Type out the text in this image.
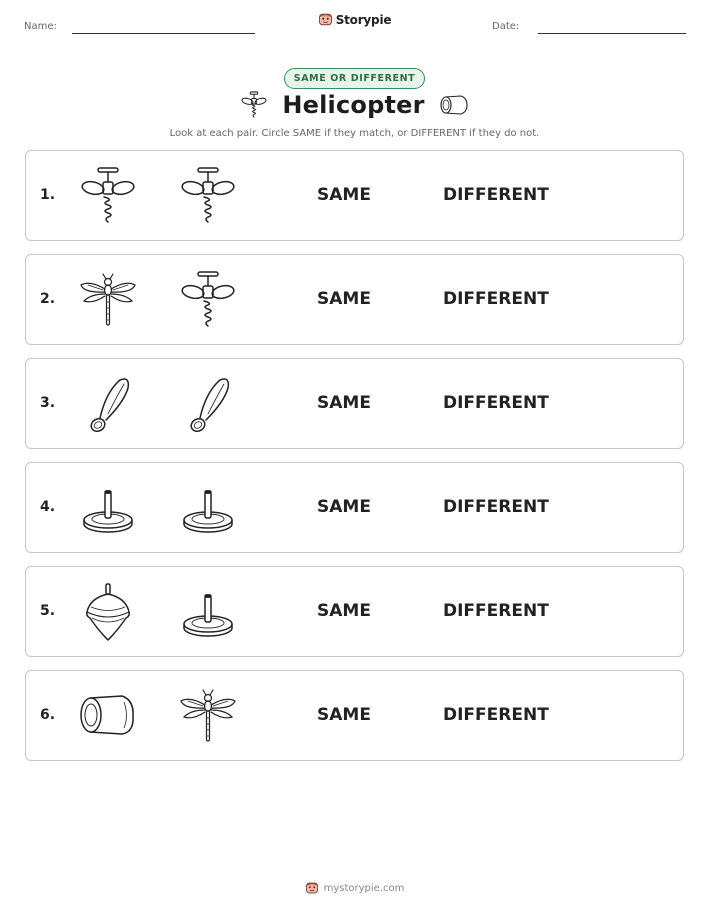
Name:	Storypie	Date:
SAME OR DIFFERENT
Helicopter
Look at each pair. Circle SAME if they match, or DIFFERENT if they do not.
1.	SAME	DIFFERENT
2.	SAME	DIFFERENT
3.	SAME	DIFFERENT
4.	SAME	DIFFERENT
5.	SAME	DIFFERENT
6.	SAME	DIFFERENT
mystorypie.com
